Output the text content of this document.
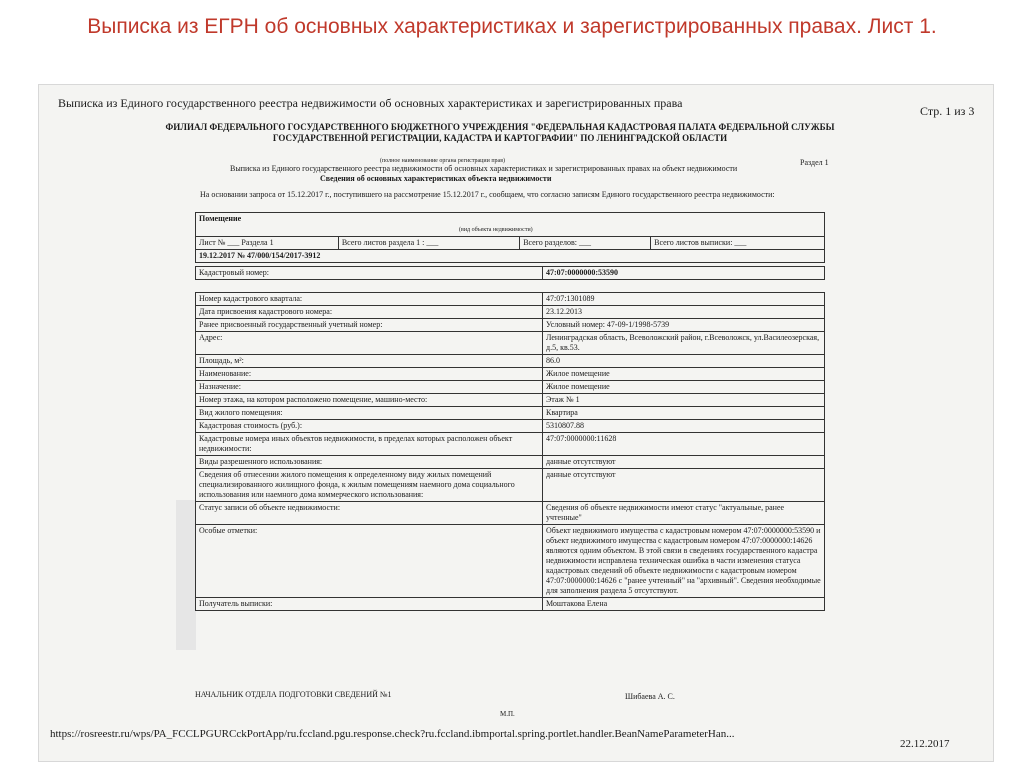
Выписка из ЕГРН об основных характеристиках и зарегистрированных правах. Лист 1.
Выписка из Единого государственного реестра недвижимости об основных характеристиках и зарегистрированных права
Стр. 1 из 3
ФИЛИАЛ ФЕДЕРАЛЬНОГО ГОСУДАРСТВЕННОГО БЮДЖЕТНОГО УЧРЕЖДЕНИЯ "ФЕДЕРАЛЬНАЯ КАДАСТРОВАЯ ПАЛАТА ФЕДЕРАЛЬНОЙ СЛУЖБЫ ГОСУДАРСТВЕННОЙ РЕГИСТРАЦИИ, КАДАСТРА И КАРТОГРАФИИ" ПО ЛЕНИНГРАДСКОЙ ОБЛАСТИ
(полное наименование органа регистрации прав)	Раздел 1
Выписка из Единого государственного реестра недвижимости об основных характеристиках и зарегистрированных правах на объект недвижимости
Сведения об основных характеристиках объекта недвижимости
На основании запроса от 15.12.2017 г., поступившего на рассмотрение 15.12.2017 г., сообщаем, что согласно записям Единого государственного реестра недвижимости:
Помещение
(вид объекта недвижимости)
Лист № ___ Раздела 1	Всего листов раздела 1 : ___	Всего разделов: ___	Всего листов выписки: ___
19.12.2017 № 47/000/154/2017-3912
Кадастровый номер:	47:07:0000000:53590
Номер кадастрового квартала:	47:07:1301089
Дата присвоения кадастрового номера:	23.12.2013
Ранее присвоенный государственный учетный номер:	Условный номер: 47-09-1/1998-5739
Адрес:	Ленинградская область, Всеволожский район, г.Всеволожск, ул.Василеозерская, д.5, кв.53.
Площадь, м²:	86.0
Наименование:	Жилое помещение
Назначение:	Жилое помещение
Номер этажа, на котором расположено помещение, машино-место:	Этаж № 1
Вид жилого помещения:	Квартира
Кадастровая стоимость (руб.):	5310807.88
Кадастровые номера иных объектов недвижимости, в пределах которых расположен объект недвижимости:	47:07:0000000:11628
Виды разрешенного использования:	данные отсутствуют
Сведения об отнесении жилого помещения к определенному виду жилых помещений специализированного жилищного фонда, к жилым помещениям наемного дома социального использования или наемного дома коммерческого использования:	данные отсутствуют
Статус записи об объекте недвижимости:	Сведения об объекте недвижимости имеют статус "актуальные, ранее учтенные"
Особые отметки:	Объект недвижимого имущества с кадастровым номером 47:07:0000000:53590 и объект недвижимого имущества с кадастровым номером 47:07:0000000:14626 являются одним объектом. В этой связи в сведениях государственного кадастра недвижимости исправлена техническая ошибка в части изменения статуса кадастровых сведений об объекте недвижимости с кадастровым номером 47:07:0000000:14626 с "ранее учтенный" на "архивный". Сведения необходимые для заполнения раздела 5 отсутствуют.
Получатель выписки:	Моштакова Елена
НАЧАЛЬНИК ОТДЕЛА ПОДГОТОВКИ СВЕДЕНИЙ №1	Шибаева А. С.
М.П.
https://rosreestr.ru/wps/PA_FCCLPGURCckPortApp/ru.fccland.pgu.response.check?ru.fccland.ibmportal.spring.portlet.handler.BeanNameParameterHan...
22.12.2017
